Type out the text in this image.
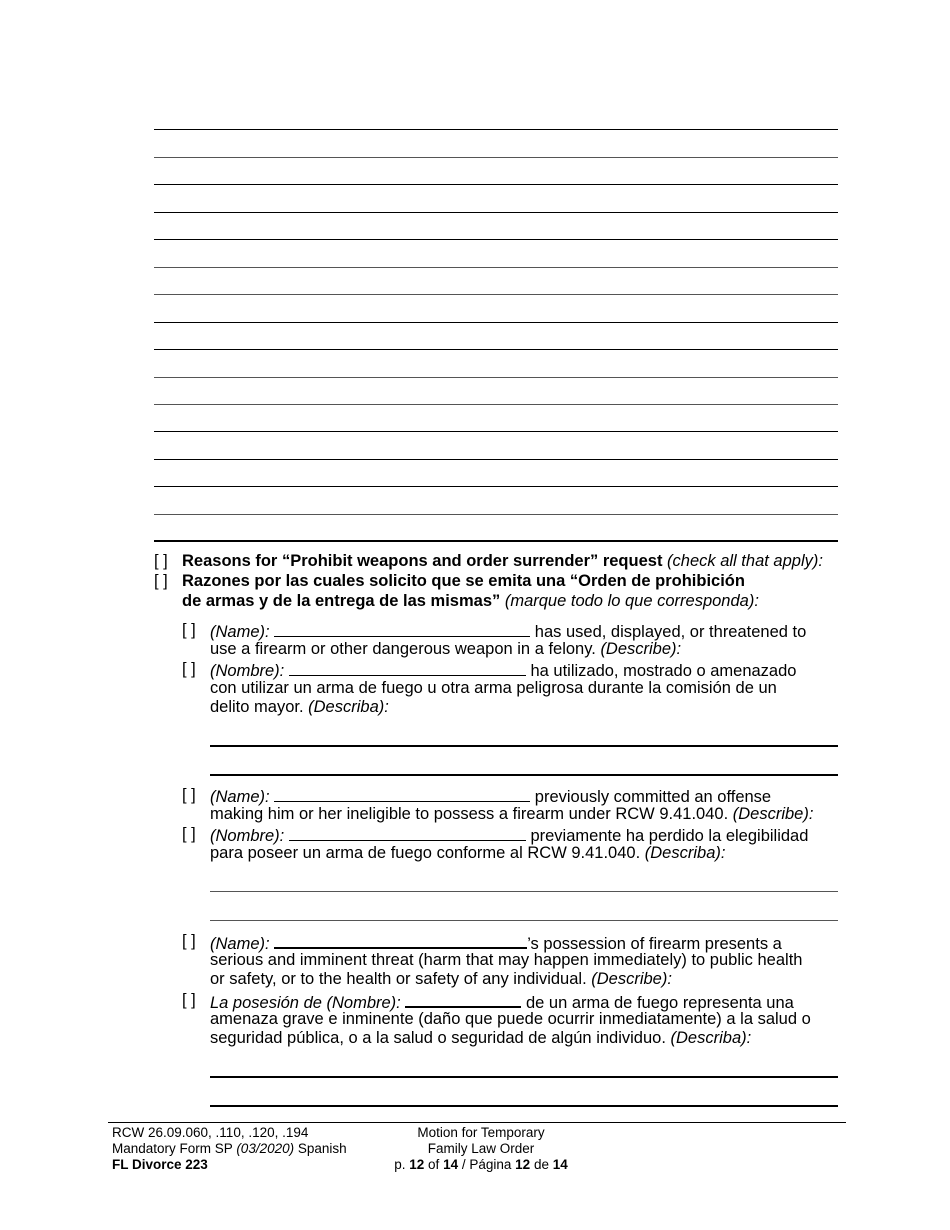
[ ] Reasons for “Prohibit weapons and order surrender” request (check all that apply):
[ ] Razones por las cuales solicito que se emita una “Orden de prohibición
de armas y de la entrega de las mismas” (marque todo lo que corresponda):
[ ] (Name):	has used, displayed, or threatened to
use a firearm or other dangerous weapon in a felony. (Describe):
[ ] (Nombre):	ha utilizado, mostrado o amenazado
con utilizar un arma de fuego u otra arma peligrosa durante la comisión de un
delito mayor. (Describa):
[ ] (Name):	previously committed an offense
making him or her ineligible to possess a firearm under RCW 9.41.040. (Describe):
[ ] (Nombre):	previamente ha perdido la elegibilidad
para poseer un arma de fuego conforme al RCW 9.41.040. (Describa):
[ ] (Name):	’s possession of firearm presents a
serious and imminent threat (harm that may happen immediately) to public health
or safety, or to the health or safety of any individual. (Describe):
[ ] La posesión de (Nombre):	de un arma de fuego representa una
amenaza grave e inminente (daño que puede ocurrir inmediatamente) a la salud o
seguridad pública, o a la salud o seguridad de algún individuo. (Describa):
RCW 26.09.060, .110, .120, .194
Mandatory Form SP (03/2020) Spanish
FL Divorce 223
Motion for Temporary
Family Law Order
p. 12 of 14 / Página 12 de 14
